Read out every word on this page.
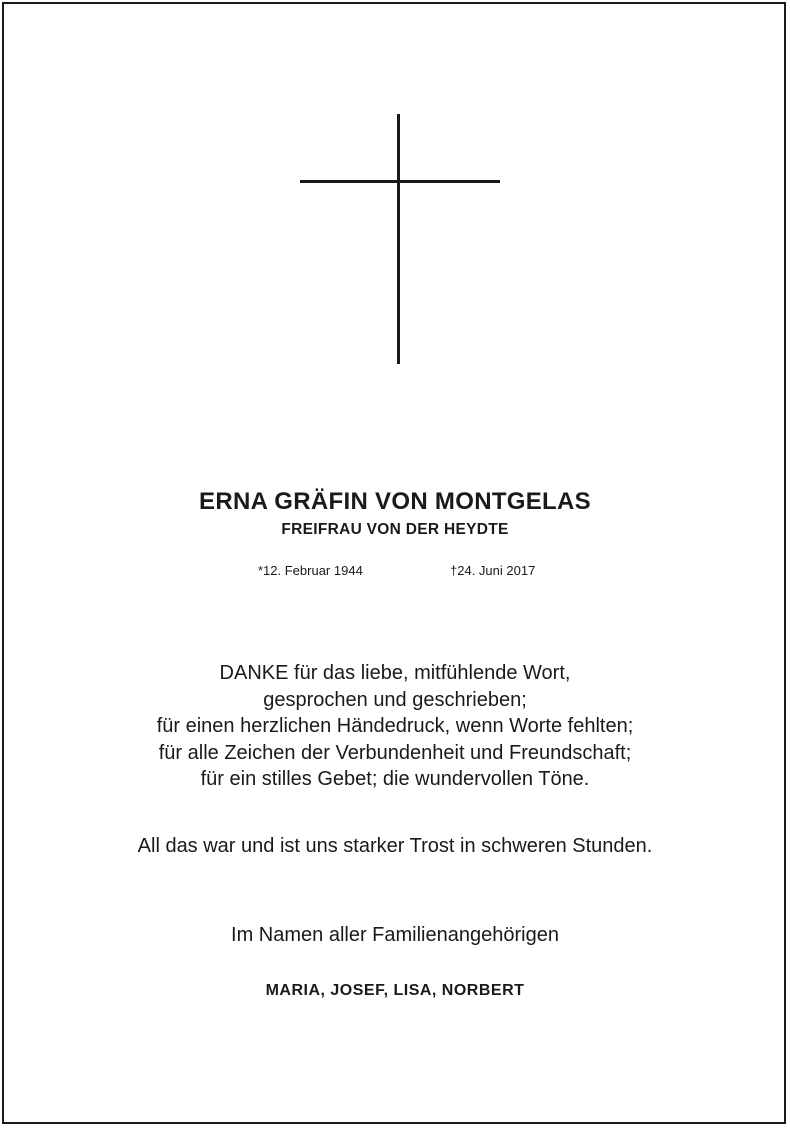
ERNA GRÄFIN VON MONTGELAS
FREIFRAU VON DER HEYDTE
*12. Februar 1944	†24. Juni 2017
DANKE für das liebe, mitfühlende Wort,
gesprochen und geschrieben;
für einen herzlichen Händedruck, wenn Worte fehlten;
für alle Zeichen der Verbundenheit und Freundschaft;
für ein stilles Gebet; die wundervollen Töne.
All das war und ist uns starker Trost in schweren Stunden.
Im Namen aller Familienangehörigen
MARIA, JOSEF, LISA, NORBERT
